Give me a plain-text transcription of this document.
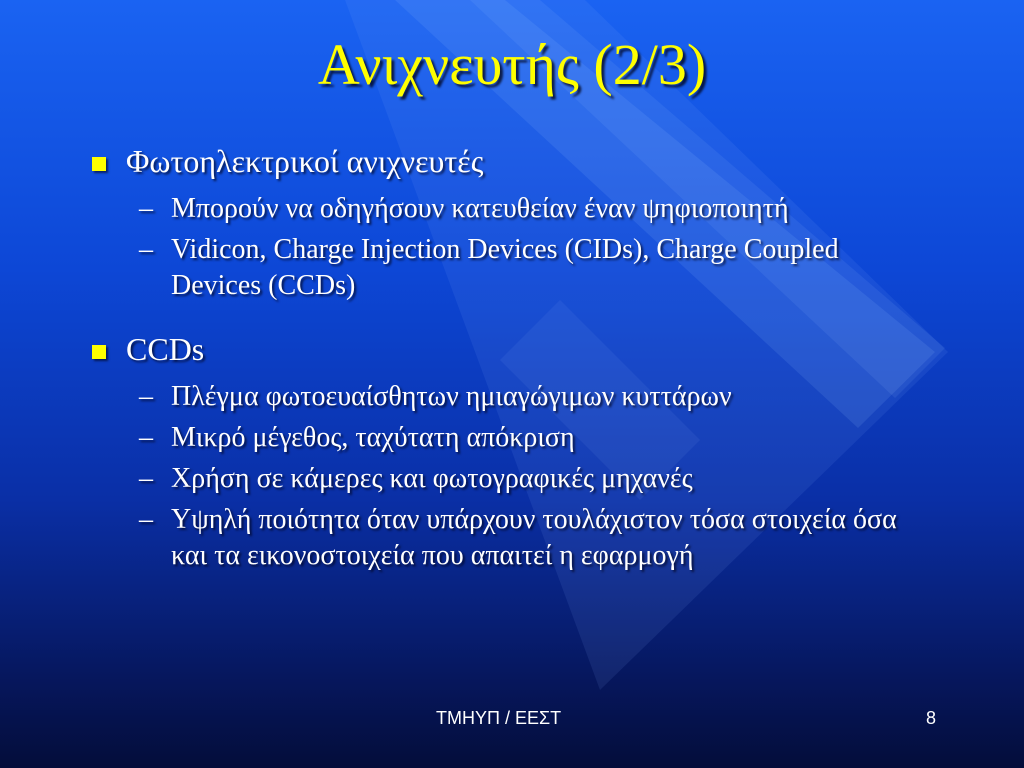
Ανιχνευτής (2/3)
Φωτοηλεκτρικοί ανιχνευτές
– Μπορούν να οδηγήσουν κατευθείαν έναν ψηφιοποιητή
– Vidicon, Charge Injection Devices (CIDs), Charge Coupled Devices (CCDs)
CCDs
– Πλέγμα φωτοευαίσθητων ημιαγώγιμων κυττάρων
– Μικρό μέγεθος, ταχύτατη απόκριση
– Χρήση σε κάμερες και φωτογραφικές μηχανές
– Υψηλή ποιότητα όταν υπάρχουν τουλάχιστον τόσα στοιχεία όσα και τα εικονοστοιχεία που απαιτεί η εφαρμογή
ΤΜΗΥΠ / ΕΕΣΤ	8
